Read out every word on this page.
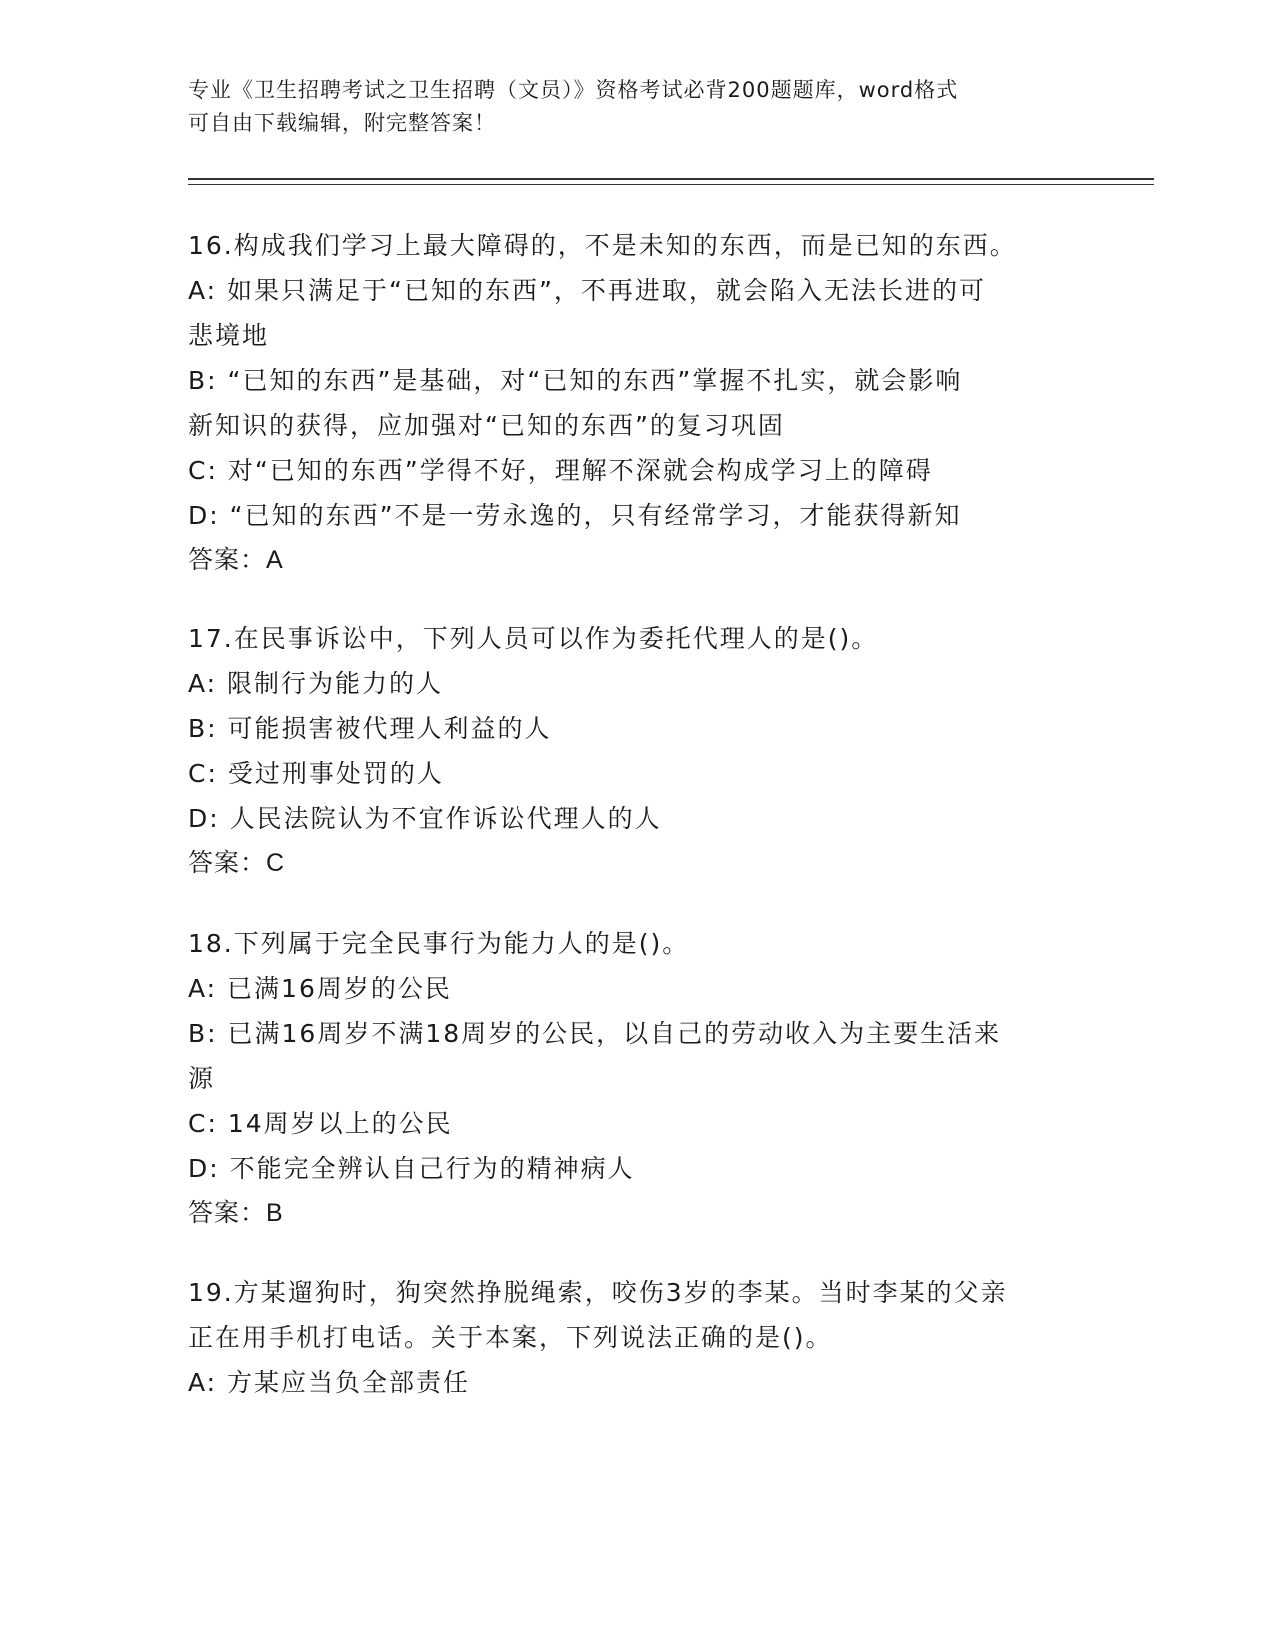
专业《卫生招聘考试之卫生招聘（文员）》资格考试必背200题题库，word格式
可自由下载编辑，附完整答案！

16.构成我们学习上最大障碍的，不是未知的东西，而是已知的东西。

A: 如果只满足于“已知的东西”，不再进取，就会陷入无法长进的可

悲境地

B: “已知的东西”是基础，对“已知的东西”掌握不扎实，就会影响

新知识的获得，应加强对“已知的东西”的复习巩固

C: 对“已知的东西”学得不好，理解不深就会构成学习上的障碍

D: “已知的东西”不是一劳永逸的，只有经常学习，才能获得新知

答案：A

17.在民事诉讼中，下列人员可以作为委托代理人的是()。

A: 限制行为能力的人

B: 可能损害被代理人利益的人

C: 受过刑事处罚的人

D: 人民法院认为不宜作诉讼代理人的人

答案：C

18.下列属于完全民事行为能力人的是()。

A: 已满16周岁的公民

B: 已满16周岁不满18周岁的公民，以自己的劳动收入为主要生活来

源

C: 14周岁以上的公民

D: 不能完全辨认自己行为的精神病人

答案：B

19.方某遛狗时，狗突然挣脱绳索，咬伤3岁的李某。当时李某的父亲

正在用手机打电话。关于本案，下列说法正确的是()。

A: 方某应当负全部责任
